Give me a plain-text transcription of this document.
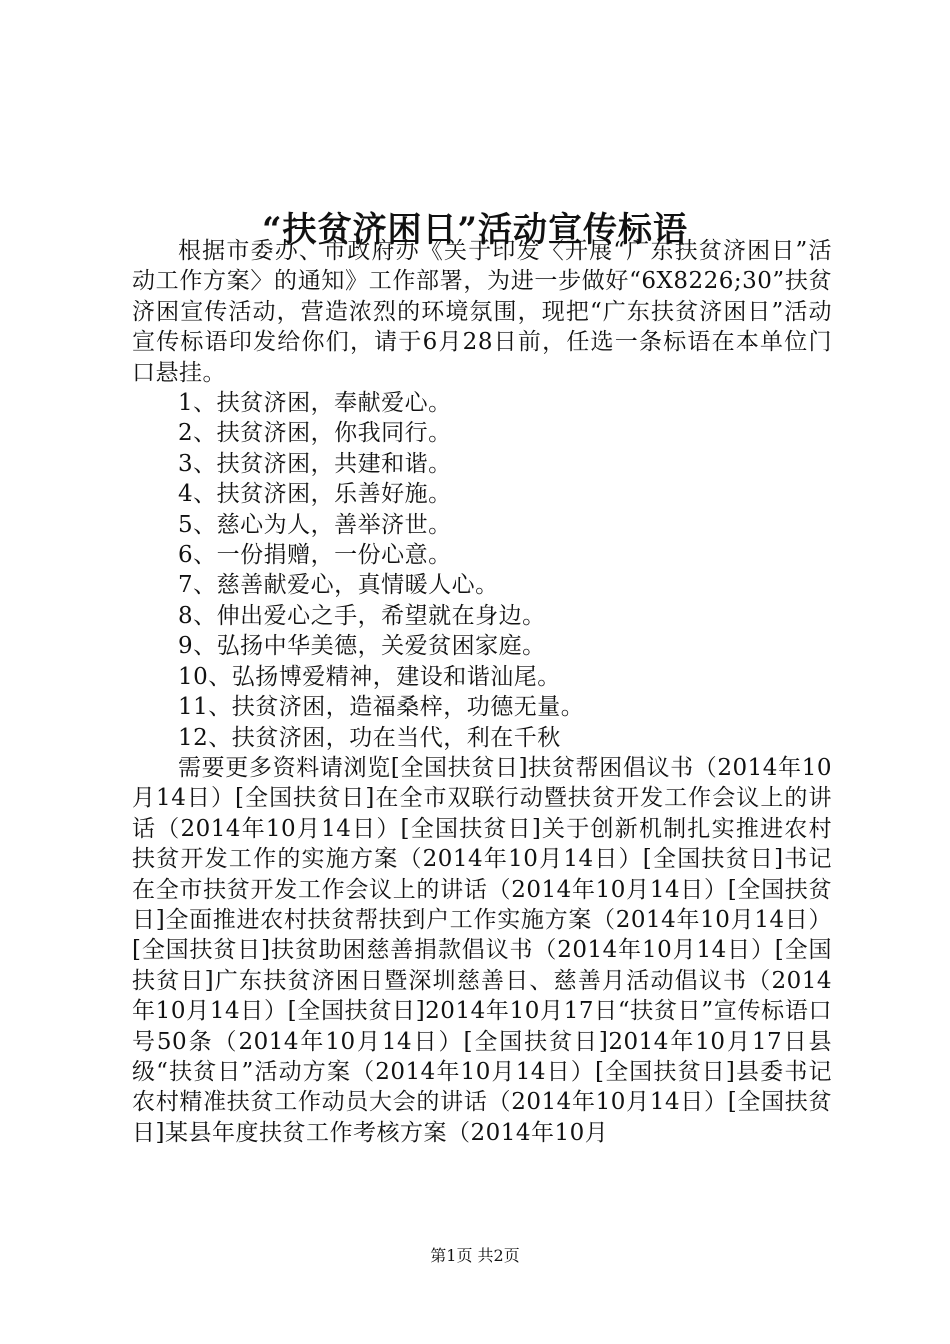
“扶贫济困日”活动宣传标语

根据市委办、市政府办《关于印发〈开展“广东扶贫济困日”活动工作方案〉的通知》工作部署，为进一步做好“6X8226;30”扶贫济困宣传活动，营造浓烈的环境氛围，现把“广东扶贫济困日”活动宣传标语印发给你们，请于6月28日前，任选一条标语在本单位门口悬挂。

1、扶贫济困，奉献爱心。
2、扶贫济困，你我同行。
3、扶贫济困，共建和谐。
4、扶贫济困，乐善好施。
5、慈心为人，善举济世。
6、一份捐赠，一份心意。
7、慈善献爱心，真情暖人心。
8、伸出爱心之手，希望就在身边。
9、弘扬中华美德，关爱贫困家庭。
10、弘扬博爱精神，建设和谐汕尾。
11、扶贫济困，造福桑梓，功德无量。
12、扶贫济困，功在当代，利在千秋

需要更多资料请浏览[全国扶贫日]扶贫帮困倡议书（2014年10月14日）[全国扶贫日]在全市双联行动暨扶贫开发工作会议上的讲话（2014年10月14日）[全国扶贫日]关于创新机制扎实推进农村扶贫开发工作的实施方案（2014年10月14日）[全国扶贫日]书记在全市扶贫开发工作会议上的讲话（2014年10月14日）[全国扶贫日]全面推进农村扶贫帮扶到户工作实施方案（2014年10月14日）[全国扶贫日]扶贫助困慈善捐款倡议书（2014年10月14日）[全国扶贫日]广东扶贫济困日暨深圳慈善日、慈善月活动倡议书（2014年10月14日）[全国扶贫日]2014年10月17日“扶贫日”宣传标语口号50条（2014年10月14日）[全国扶贫日]2014年10月17日县级“扶贫日”活动方案（2014年10月14日）[全国扶贫日]县委书记农村精准扶贫工作动员大会的讲话（2014年10月14日）[全国扶贫日]某县年度扶贫工作考核方案（2014年10月

第1页 共2页
